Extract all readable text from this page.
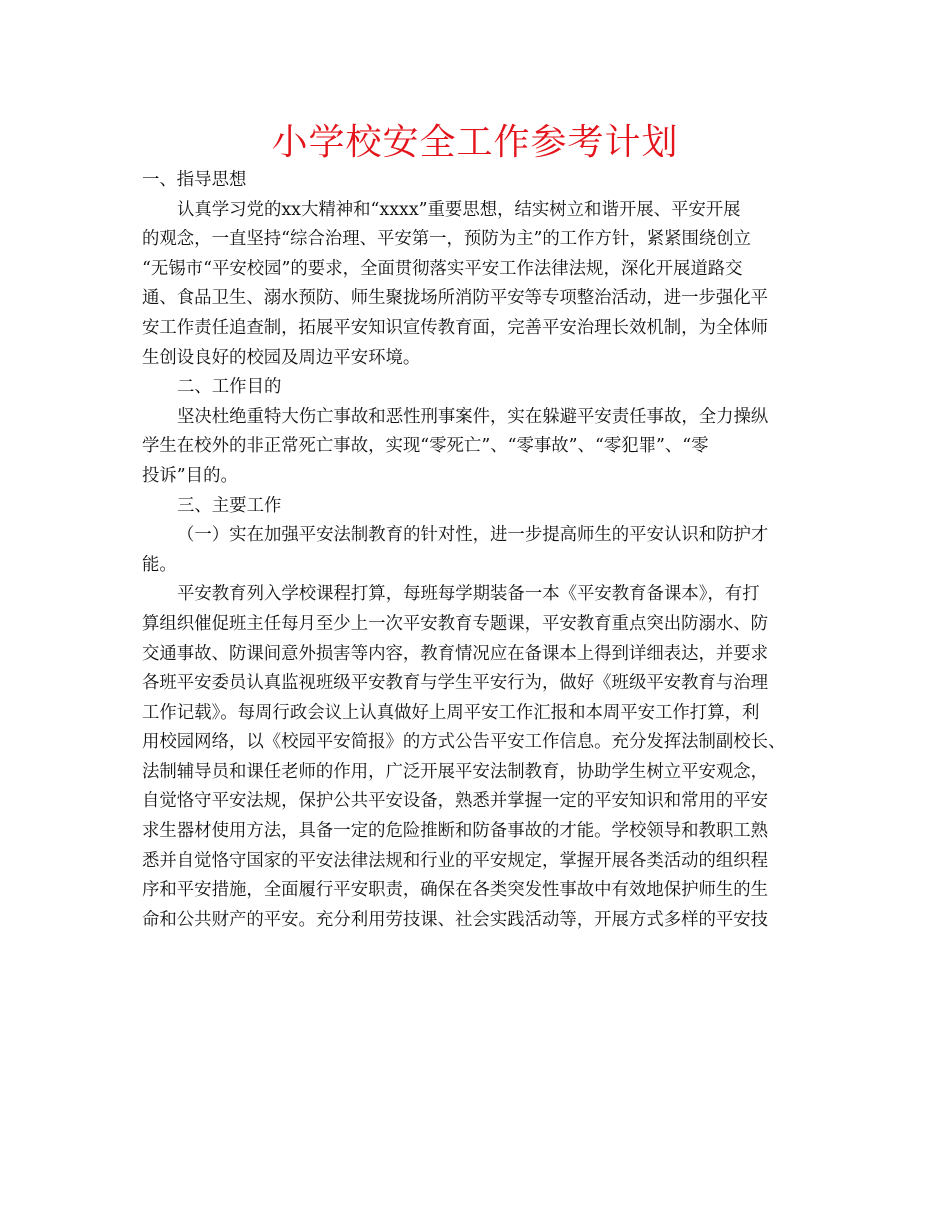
小学校安全工作参考计划
一、指导思想
认真学习党的xx大精神和“xxxx”重要思想，结实树立和谐开展、平安开展
的观念，一直坚持“综合治理、平安第一，预防为主”的工作方针，紧紧围绕创立
“无锡市“平安校园”的要求，全面贯彻落实平安工作法律法规，深化开展道路交
通、食品卫生、溺水预防、师生聚拢场所消防平安等专项整治活动，进一步强化平
安工作责任追查制，拓展平安知识宣传教育面，完善平安治理长效机制，为全体师
生创设良好的校园及周边平安环境。
二、工作目的
坚决杜绝重特大伤亡事故和恶性刑事案件，实在躲避平安责任事故，全力操纵
学生在校外的非正常死亡事故，实现“零死亡”、“零事故”、“零犯罪”、“零
投诉”目的。
三、主要工作
（一）实在加强平安法制教育的针对性，进一步提高师生的平安认识和防护才
能。
平安教育列入学校课程打算，每班每学期装备一本《平安教育备课本》，有打
算组织催促班主任每月至少上一次平安教育专题课，平安教育重点突出防溺水、防
交通事故、防课间意外损害等内容，教育情况应在备课本上得到详细表达，并要求
各班平安委员认真监视班级平安教育与学生平安行为，做好《班级平安教育与治理
工作记载》。每周行政会议上认真做好上周平安工作汇报和本周平安工作打算，利
用校园网络，以《校园平安简报》的方式公告平安工作信息。充分发挥法制副校长、
法制辅导员和课任老师的作用，广泛开展平安法制教育，协助学生树立平安观念，
自觉恪守平安法规，保护公共平安设备，熟悉并掌握一定的平安知识和常用的平安
求生器材使用方法，具备一定的危险推断和防备事故的才能。学校领导和教职工熟
悉并自觉恪守国家的平安法律法规和行业的平安规定，掌握开展各类活动的组织程
序和平安措施，全面履行平安职责，确保在各类突发性事故中有效地保护师生的生
命和公共财产的平安。充分利用劳技课、社会实践活动等，开展方式多样的平安技
